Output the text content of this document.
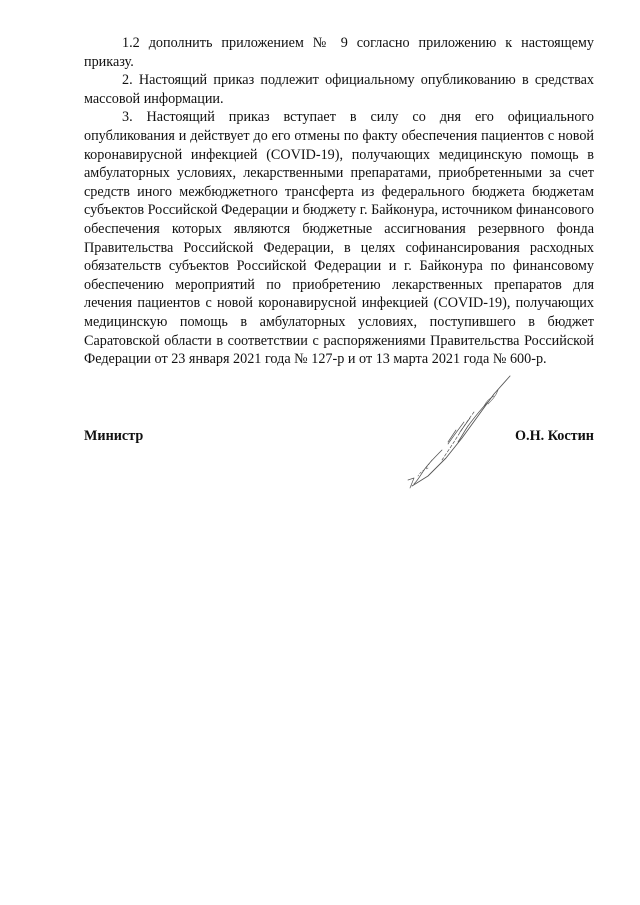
1.2 дополнить приложением № 9 согласно приложению к настоящему приказу.

2. Настоящий приказ подлежит официальному опубликованию в средствах массовой информации.

3. Настоящий приказ вступает в силу со дня его официального опубликования и действует до его отмены по факту обеспечения пациентов с новой коронавирусной инфекцией (COVID-19), получающих медицинскую помощь в амбулаторных условиях, лекарственными препаратами, приобретенными за счет средств иного межбюджетного трансферта из федерального бюджета бюджетам субъектов Российской Федерации и бюджету г. Байконура, источником финансового обеспечения которых являются бюджетные ассигнования резервного фонда Правительства Российской Федерации, в целях софинансирования расходных обязательств субъектов Российской Федерации и г. Байконура по финансовому обеспечению мероприятий по приобретению лекарственных препаратов для лечения пациентов с новой коронавирусной инфекцией (COVID-19), получающих медицинскую помощь в амбулаторных условиях, поступившего в бюджет Саратовской области в соответствии с распоряжениями Правительства Российской Федерации от 23 января 2021 года № 127-р и от 13 марта 2021 года № 600-р.

Министр	О.Н. Костин
